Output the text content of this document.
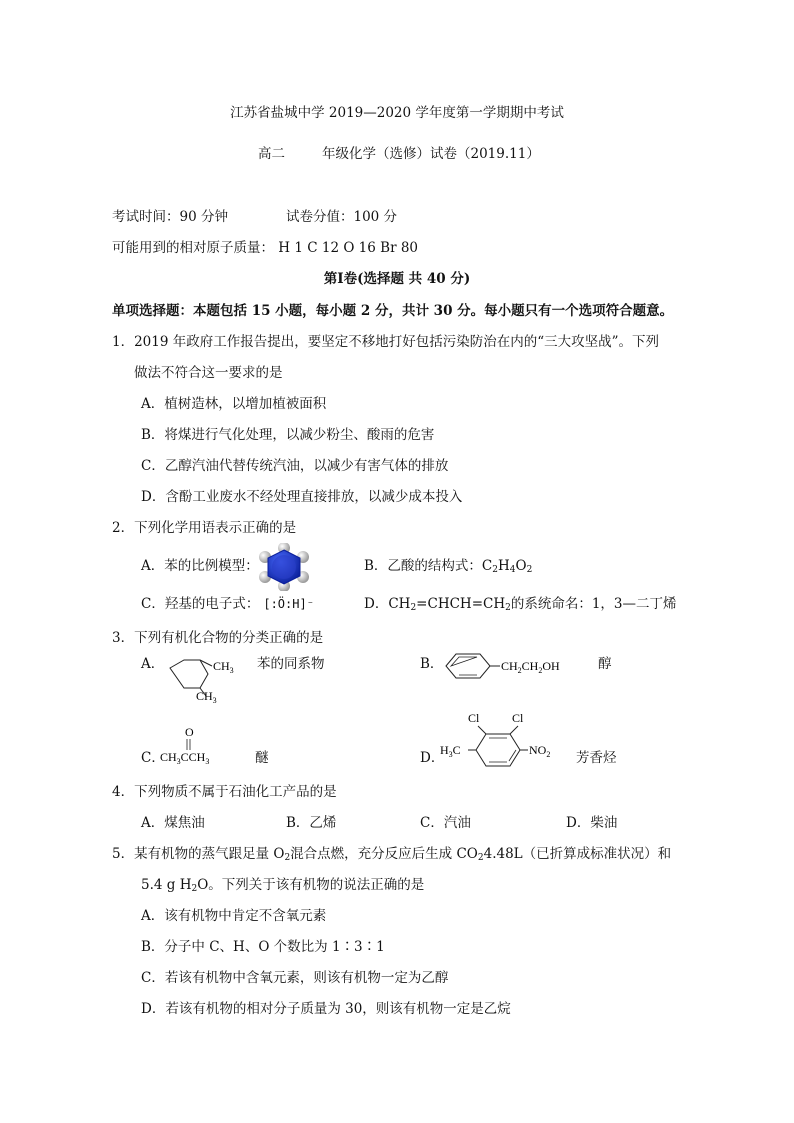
江苏省盐城中学 2019—2020 学年度第一学期期中考试
高二	年级化学（选修）试卷（2019.11）
考试时间：90 分钟	试卷分值：100 分
可能用到的相对原子质量： H 1 C 12 O 16 Br 80
第Ⅰ卷(选择题 共 40 分)
单项选择题：本题包括 15 小题，每小题 2 分，共计 30 分。每小题只有一个选项符合题意。
1．2019 年政府工作报告提出，要坚定不移地打好包括污染防治在内的“三大攻坚战”。下列
做法不符合这一要求的是
A．植树造林，以增加植被面积
B．将煤进行气化处理，以减少粉尘、酸雨的危害
C．乙醇汽油代替传统汽油，以减少有害气体的排放
D．含酚工业废水不经处理直接排放，以减少成本投入
2．下列化学用语表示正确的是
A．苯的比例模型：	B．乙酸的结构式：$C_2H_4O_2$
C．羟基的电子式： [:Ö:H]⁻	D．$CH_2=CHCH=CH_2$的系统命名：1，3—二丁烯
3．下列有机化合物的分类正确的是
A．	$CH_3$
$CH_3$
苯的同系物	B．	$CH_2CH_2OH$	醇
C．
O
$CH_3CCH_3$	醚	D．
Cl	Cl
$H_3C$	$NO_2$ 芳香烃
4．下列物质不属于石油化工产品的是
A．煤焦油	B．乙烯	C．汽油	D．柴油
5．某有机物的蒸气跟足量 $O_2$混合点燃，充分反应后生成 $CO_24.48L$（已折算成标准状况）和
5.4 g $H_2O$。下列关于该有机物的说法正确的是
A．该有机物中肯定不含氧元素
B．分子中 C、H、O 个数比为 1∶3∶1
C．若该有机物中含氧元素，则该有机物一定为乙醇
D．若该有机物的相对分子质量为 30，则该有机物一定是乙烷
